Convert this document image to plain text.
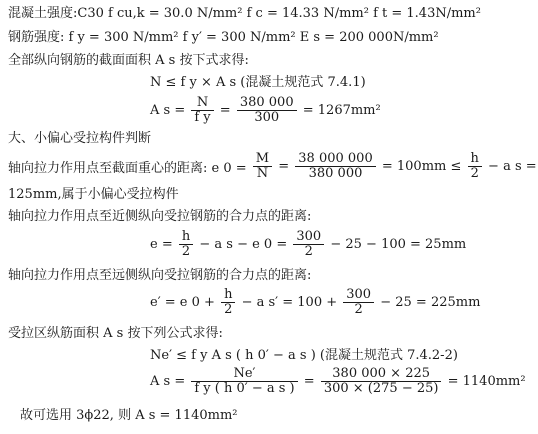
混凝土强度:C30 f cu,k = 30.0 N/mm² f c = 14.33 N/mm² f t = 1.43N/mm²
钢筋强度: f y = 300 N/mm² f y′ = 300 N/mm² E s = 200 000N/mm²
全部纵向钢筋的截面面积 A s 按下式求得:
N ≤ f y × A s (混凝土规范式 7.4.1)
A $s = \frac{N}{\text{f y}} = \frac{380 000}{300} = 1267mm^2$
大、小偏心受拉构件判断
轴向拉力作用点至截面重心的距离: e $0 = \frac{M}{N} = \frac{38 000 000}{380 000} = 100mm \le \frac{h}{2} - a$ s =
125mm,属于小偏心受拉构件
轴向拉力作用点至近侧纵向受拉钢筋的合力点的距离:
$e = \frac{h}{2} - a$ s − e $0 = \frac{300}{2} - 25 - 100 = 25mm$
轴向拉力作用点至远侧纵向受拉钢筋的合力点的距离:
e′ = e $0 + \frac{h}{2} - a$ $s' = 100 + \frac{300}{2} - 25 = 225mm$
受拉区纵筋面积 A s 按下列公式求得:
Ne′ ≤ f y A s ( h 0′ − a s ) (混凝土规范式 7.4.2-2)
A $s = \frac{Ne'}{\text{f y ( h 0′ − a s )}} = \frac{380 000 \times 225}{300 \times (275 - 25)} = 1140mm^2$
故可选用 3ϕ22, 则 A s = 1140mm²
